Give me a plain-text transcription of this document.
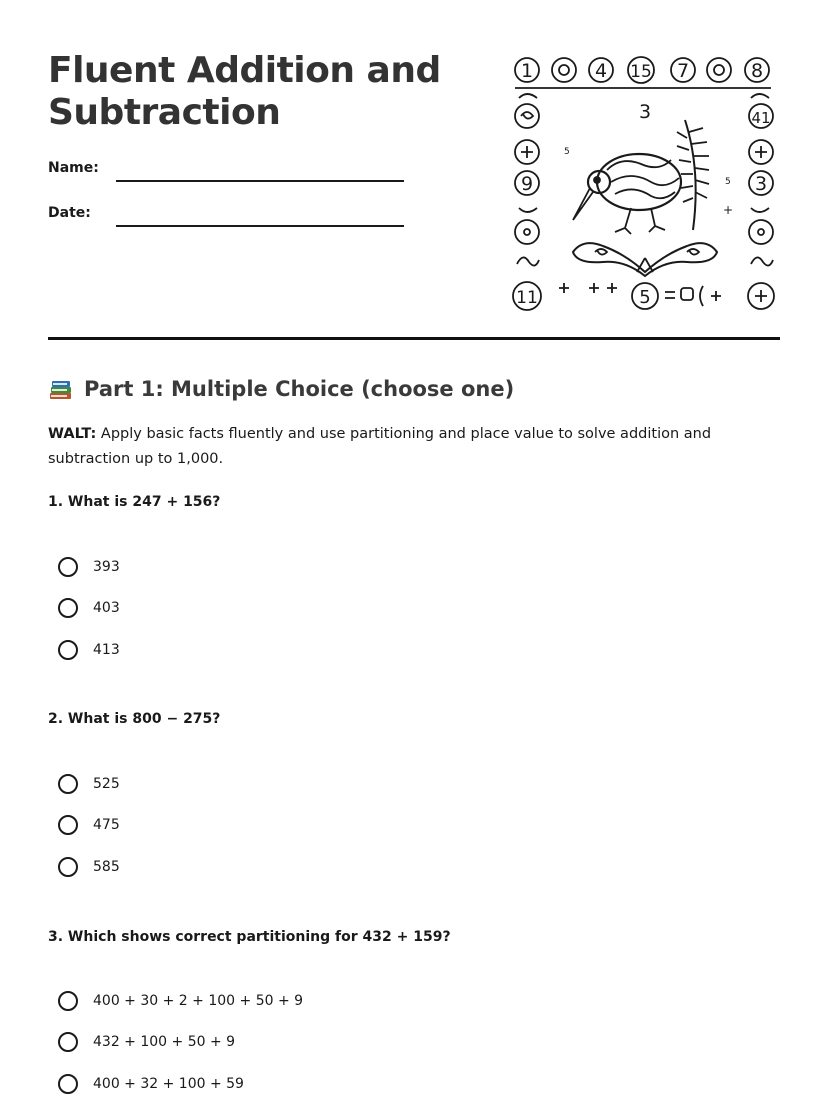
Fluent Addition and Subtraction
Name:
Date:
1	4 15 7	8
3
9
11
41
3
5
5
5
+
Part 1: Multiple Choice (choose one)
WALT: Apply basic facts fluently and use partitioning and place value to solve addition and subtraction up to 1,000.
1. What is 247 + 156?
393
403
413
2. What is 800 − 275?
525
475
585
3. Which shows correct partitioning for 432 + 159?
400 + 30 + 2 + 100 + 50 + 9
432 + 100 + 50 + 9
400 + 32 + 100 + 59
